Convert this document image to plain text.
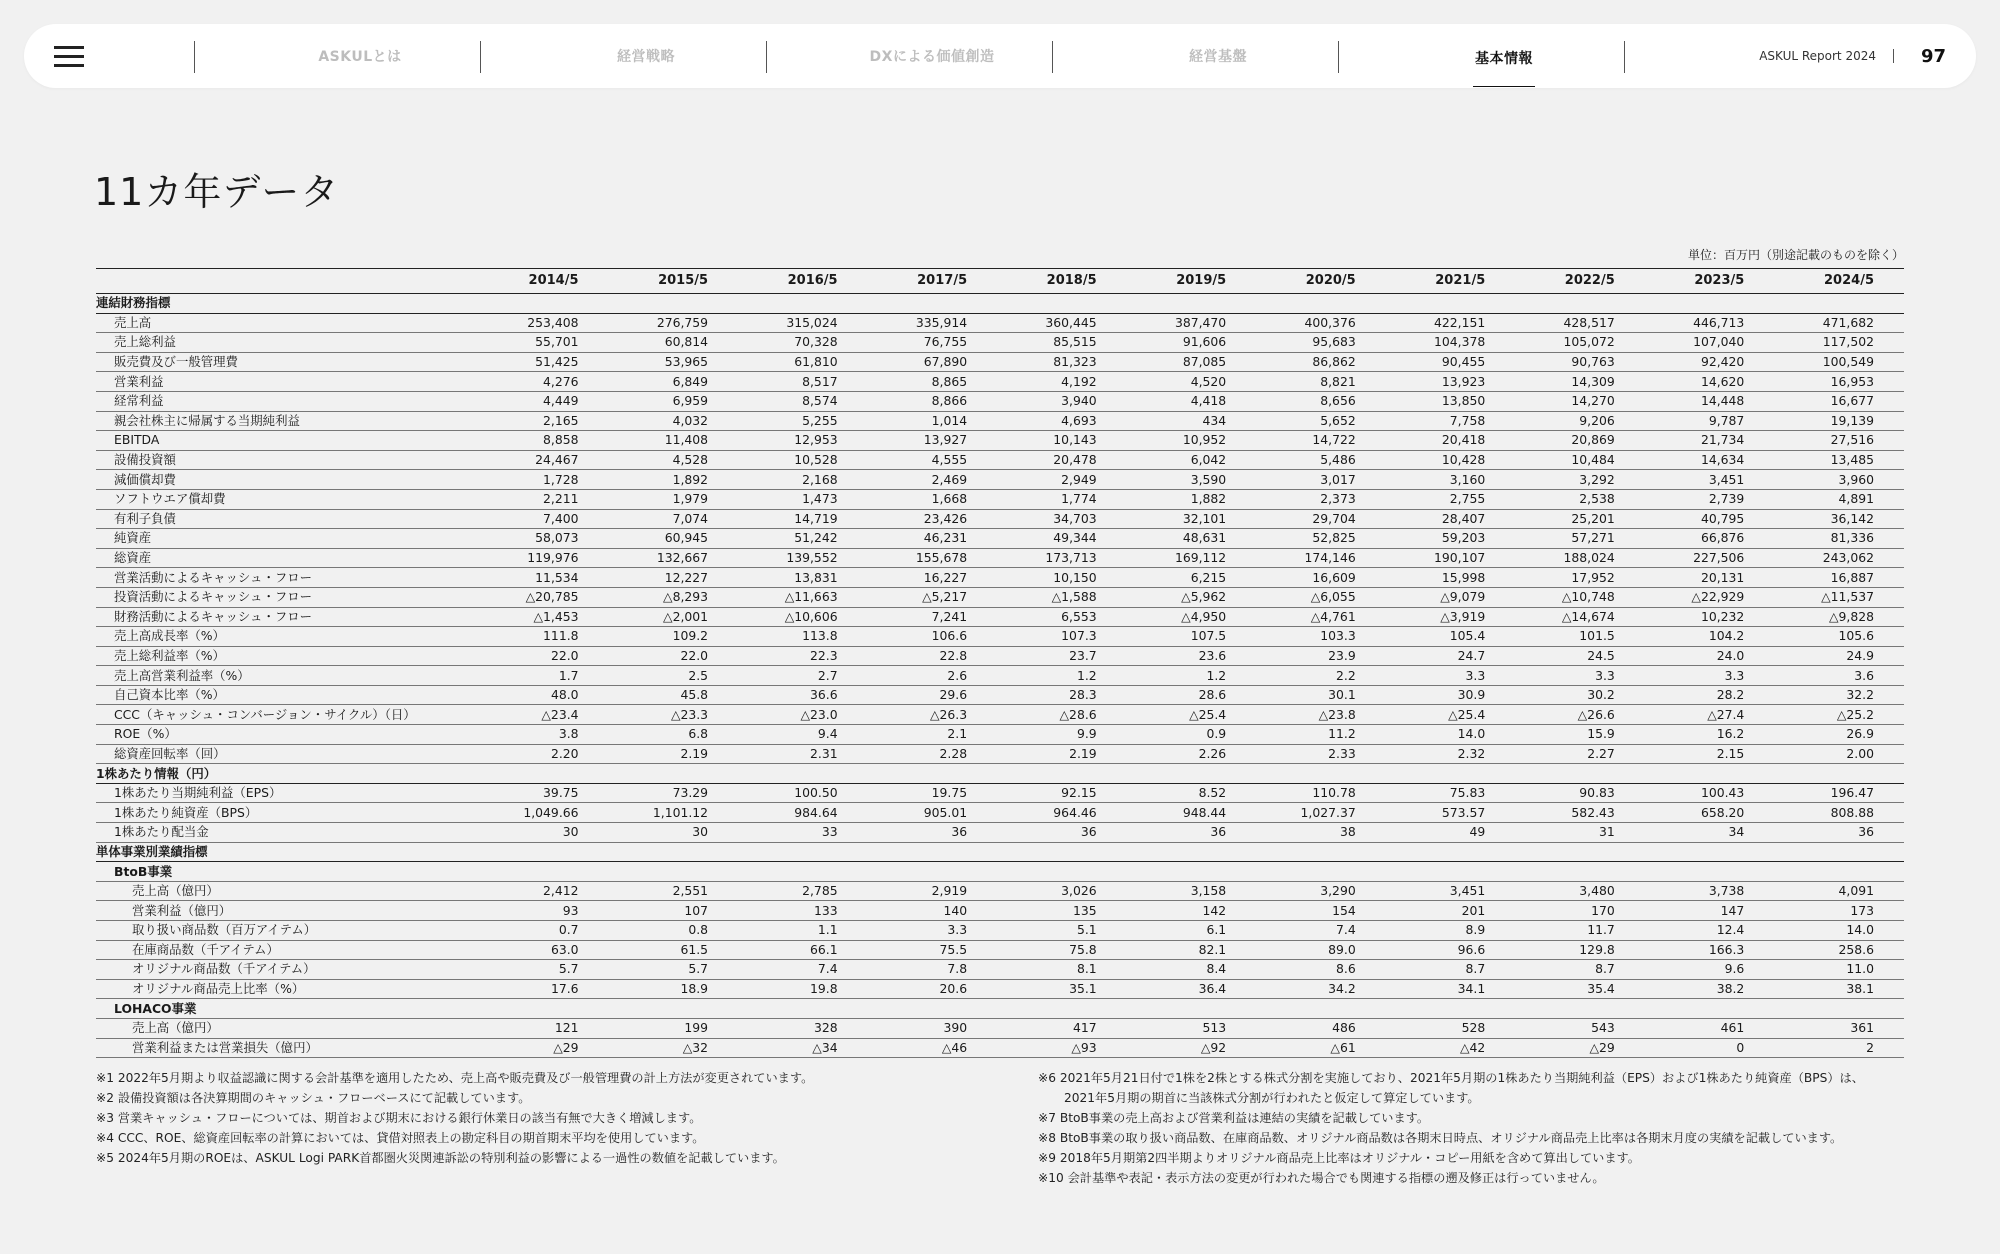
ASKULとは	経営戦略	DXによる価値創造	経営基盤	基本情報	ASKUL Report 2024 97
11カ年データ
単位：百万円（別途記載のものを除く）
	2014/5	2015/5	2016/5	2017/5	2018/5	2019/5	2020/5	2021/5	2022/5	2023/5	2024/5
連結財務指標											
売上高	253,408	276,759	315,024	335,914	360,445	387,470	400,376	422,151	428,517	446,713	471,682
売上総利益	55,701	60,814	70,328	76,755	85,515	91,606	95,683	104,378	105,072	107,040	117,502
販売費及び一般管理費	51,425	53,965	61,810	67,890	81,323	87,085	86,862	90,455	90,763	92,420	100,549
営業利益	4,276	6,849	8,517	8,865	4,192	4,520	8,821	13,923	14,309	14,620	16,953
経常利益	4,449	6,959	8,574	8,866	3,940	4,418	8,656	13,850	14,270	14,448	16,677
親会社株主に帰属する当期純利益	2,165	4,032	5,255	1,014	4,693	434	5,652	7,758	9,206	9,787	19,139
EBITDA	8,858	11,408	12,953	13,927	10,143	10,952	14,722	20,418	20,869	21,734	27,516
設備投資額	24,467	4,528	10,528	4,555	20,478	6,042	5,486	10,428	10,484	14,634	13,485
減価償却費	1,728	1,892	2,168	2,469	2,949	3,590	3,017	3,160	3,292	3,451	3,960
ソフトウエア償却費	2,211	1,979	1,473	1,668	1,774	1,882	2,373	2,755	2,538	2,739	4,891
有利子負債	7,400	7,074	14,719	23,426	34,703	32,101	29,704	28,407	25,201	40,795	36,142
純資産	58,073	60,945	51,242	46,231	49,344	48,631	52,825	59,203	57,271	66,876	81,336
総資産	119,976	132,667	139,552	155,678	173,713	169,112	174,146	190,107	188,024	227,506	243,062
営業活動によるキャッシュ・フロー	11,534	12,227	13,831	16,227	10,150	6,215	16,609	15,998	17,952	20,131	16,887
投資活動によるキャッシュ・フロー	△20,785	△8,293	△11,663	△5,217	△1,588	△5,962	△6,055	△9,079	△10,748	△22,929	△11,537
財務活動によるキャッシュ・フロー	△1,453	△2,001	△10,606	7,241	6,553	△4,950	△4,761	△3,919	△14,674	10,232	△9,828
売上高成長率（%）	111.8	109.2	113.8	106.6	107.3	107.5	103.3	105.4	101.5	104.2	105.6
売上総利益率（%）	22.0	22.0	22.3	22.8	23.7	23.6	23.9	24.7	24.5	24.0	24.9
売上高営業利益率（%）	1.7	2.5	2.7	2.6	1.2	1.2	2.2	3.3	3.3	3.3	3.6
自己資本比率（%）	48.0	45.8	36.6	29.6	28.3	28.6	30.1	30.9	30.2	28.2	32.2
CCC（キャッシュ・コンバージョン・サイクル）（日）	△23.4	△23.3	△23.0	△26.3	△28.6	△25.4	△23.8	△25.4	△26.6	△27.4	△25.2
ROE（%）	3.8	6.8	9.4	2.1	9.9	0.9	11.2	14.0	15.9	16.2	26.9
総資産回転率（回）	2.20	2.19	2.31	2.28	2.19	2.26	2.33	2.32	2.27	2.15	2.00
1株あたり情報（円）											
1株あたり当期純利益（EPS）	39.75	73.29	100.50	19.75	92.15	8.52	110.78	75.83	90.83	100.43	196.47
1株あたり純資産（BPS）	1,049.66	1,101.12	984.64	905.01	964.46	948.44	1,027.37	573.57	582.43	658.20	808.88
1株あたり配当金	30	30	33	36	36	36	38	49	31	34	36
単体事業別業績指標											
BtoB事業											
売上高（億円）	2,412	2,551	2,785	2,919	3,026	3,158	3,290	3,451	3,480	3,738	4,091
営業利益（億円）	93	107	133	140	135	142	154	201	170	147	173
取り扱い商品数（百万アイテム）	0.7	0.8	1.1	3.3	5.1	6.1	7.4	8.9	11.7	12.4	14.0
在庫商品数（千アイテム）	63.0	61.5	66.1	75.5	75.8	82.1	89.0	96.6	129.8	166.3	258.6
オリジナル商品数（千アイテム）	5.7	5.7	7.4	7.8	8.1	8.4	8.6	8.7	8.7	9.6	11.0
オリジナル商品売上比率（%）	17.6	18.9	19.8	20.6	35.1	36.4	34.2	34.1	35.4	38.2	38.1
LOHACO事業											
売上高（億円）	121	199	328	390	417	513	486	528	543	461	361
営業利益または営業損失（億円）	△29	△32	△34	△46	△93	△92	△61	△42	△29	0	2
※1 2022年5月期より収益認識に関する会計基準を適用したため、売上高や販売費及び一般管理費の計上方法が変更されています。
※2 設備投資額は各決算期間のキャッシュ・フローベースにて記載しています。
※3 営業キャッシュ・フローについては、期首および期末における銀行休業日の該当有無で大きく増減します。
※4 CCC、ROE、総資産回転率の計算においては、貸借対照表上の勘定科目の期首期末平均を使用しています。
※5 2024年5月期のROEは、ASKUL Logi PARK首都圏火災関連訴訟の特別利益の影響による一過性の数値を記載しています。
※6 2021年5月21日付で1株を2株とする株式分割を実施しており、2021年5月期の1株あたり当期純利益（EPS）および1株あたり純資産（BPS）は、
2021年5月期の期首に当該株式分割が行われたと仮定して算定しています。
※7 BtoB事業の売上高および営業利益は連結の実績を記載しています。
※8 BtoB事業の取り扱い商品数、在庫商品数、オリジナル商品数は各期末日時点、オリジナル商品売上比率は各期末月度の実績を記載しています。
※9 2018年5月期第2四半期よりオリジナル商品売上比率はオリジナル・コピー用紙を含めて算出しています。
※10 会計基準や表記・表示方法の変更が行われた場合でも関連する指標の遡及修正は行っていません。
